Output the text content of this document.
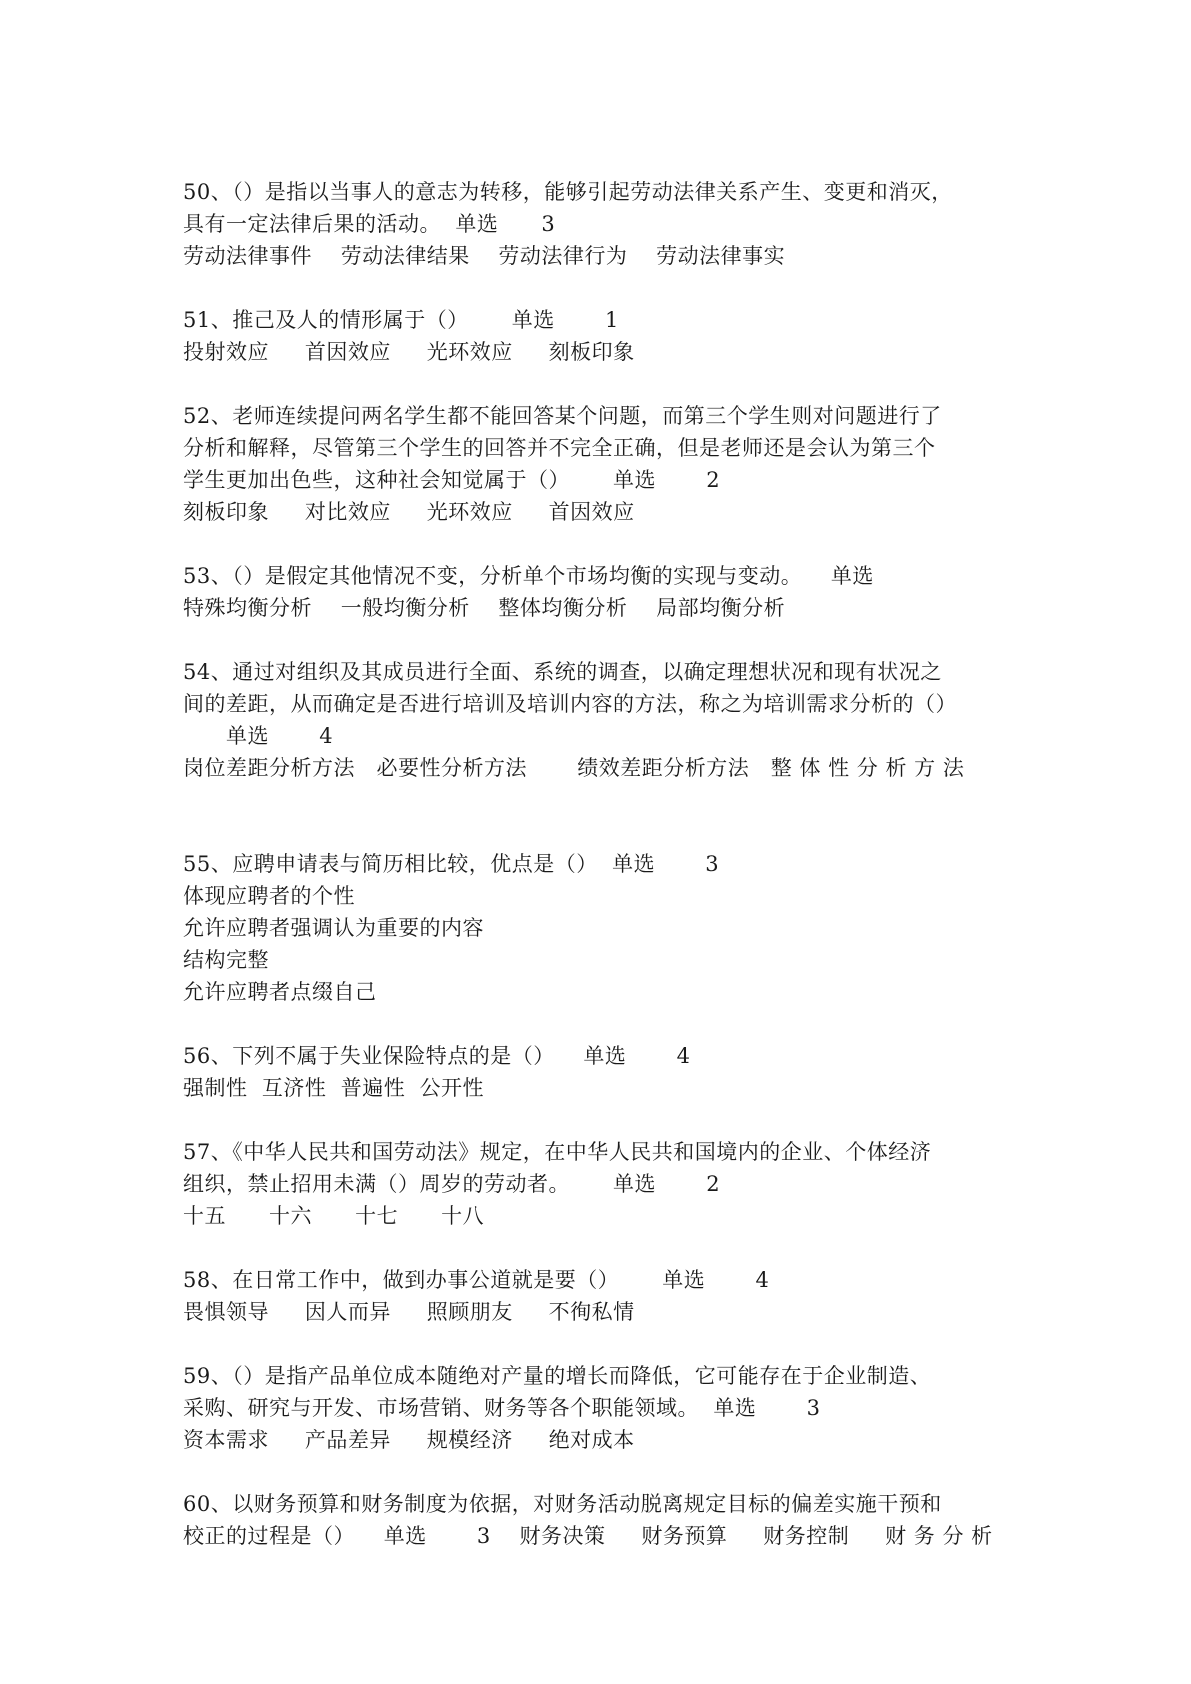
50、（）是指以当事人的意志为转移，能够引起劳动法律关系产生、变更和消灭，
具有一定法律后果的活动。  单选      3
劳动法律事件    劳动法律结果    劳动法律行为    劳动法律事实
51、推己及人的情形属于（）      单选       1
投射效应     首因效应     光环效应     刻板印象
52、老师连续提问两名学生都不能回答某个问题，而第三个学生则对问题进行了
分析和解释，尽管第三个学生的回答并不完全正确，但是老师还是会认为第三个
学生更加出色些，这种社会知觉属于（）      单选       2
刻板印象     对比效应     光环效应     首因效应
53、（）是假定其他情况不变，分析单个市场均衡的实现与变动。    单选
特殊均衡分析    一般均衡分析    整体均衡分析    局部均衡分析
54、通过对组织及其成员进行全面、系统的调查，以确定理想状况和现有状况之
间的差距，从而确定是否进行培训及培训内容的方法，称之为培训需求分析的（）
单选       4
岗位差距分析方法   必要性分析方法       绩效差距分析方法   整 体 性 分 析 方 法
55、应聘申请表与简历相比较，优点是（）  单选       3
体现应聘者的个性
允许应聘者强调认为重要的内容
结构完整
允许应聘者点缀自己
56、下列不属于失业保险特点的是（）    单选       4
强制性  互济性  普遍性  公开性
57、《中华人民共和国劳动法》规定，在中华人民共和国境内的企业、个体经济
组织，禁止招用未满（）周岁的劳动者。      单选       2
十五      十六      十七      十八
58、在日常工作中，做到办事公道就是要（）      单选       4
畏惧领导     因人而异     照顾朋友     不徇私情
59、（）是指产品单位成本随绝对产量的增长而降低，它可能存在于企业制造、
采购、研究与开发、市场营销、财务等各个职能领域。  单选       3
资本需求     产品差异     规模经济     绝对成本
60、以财务预算和财务制度为依据，对财务活动脱离规定目标的偏差实施干预和
校正的过程是（）    单选       3    财务决策     财务预算     财务控制     财 务 分 析
